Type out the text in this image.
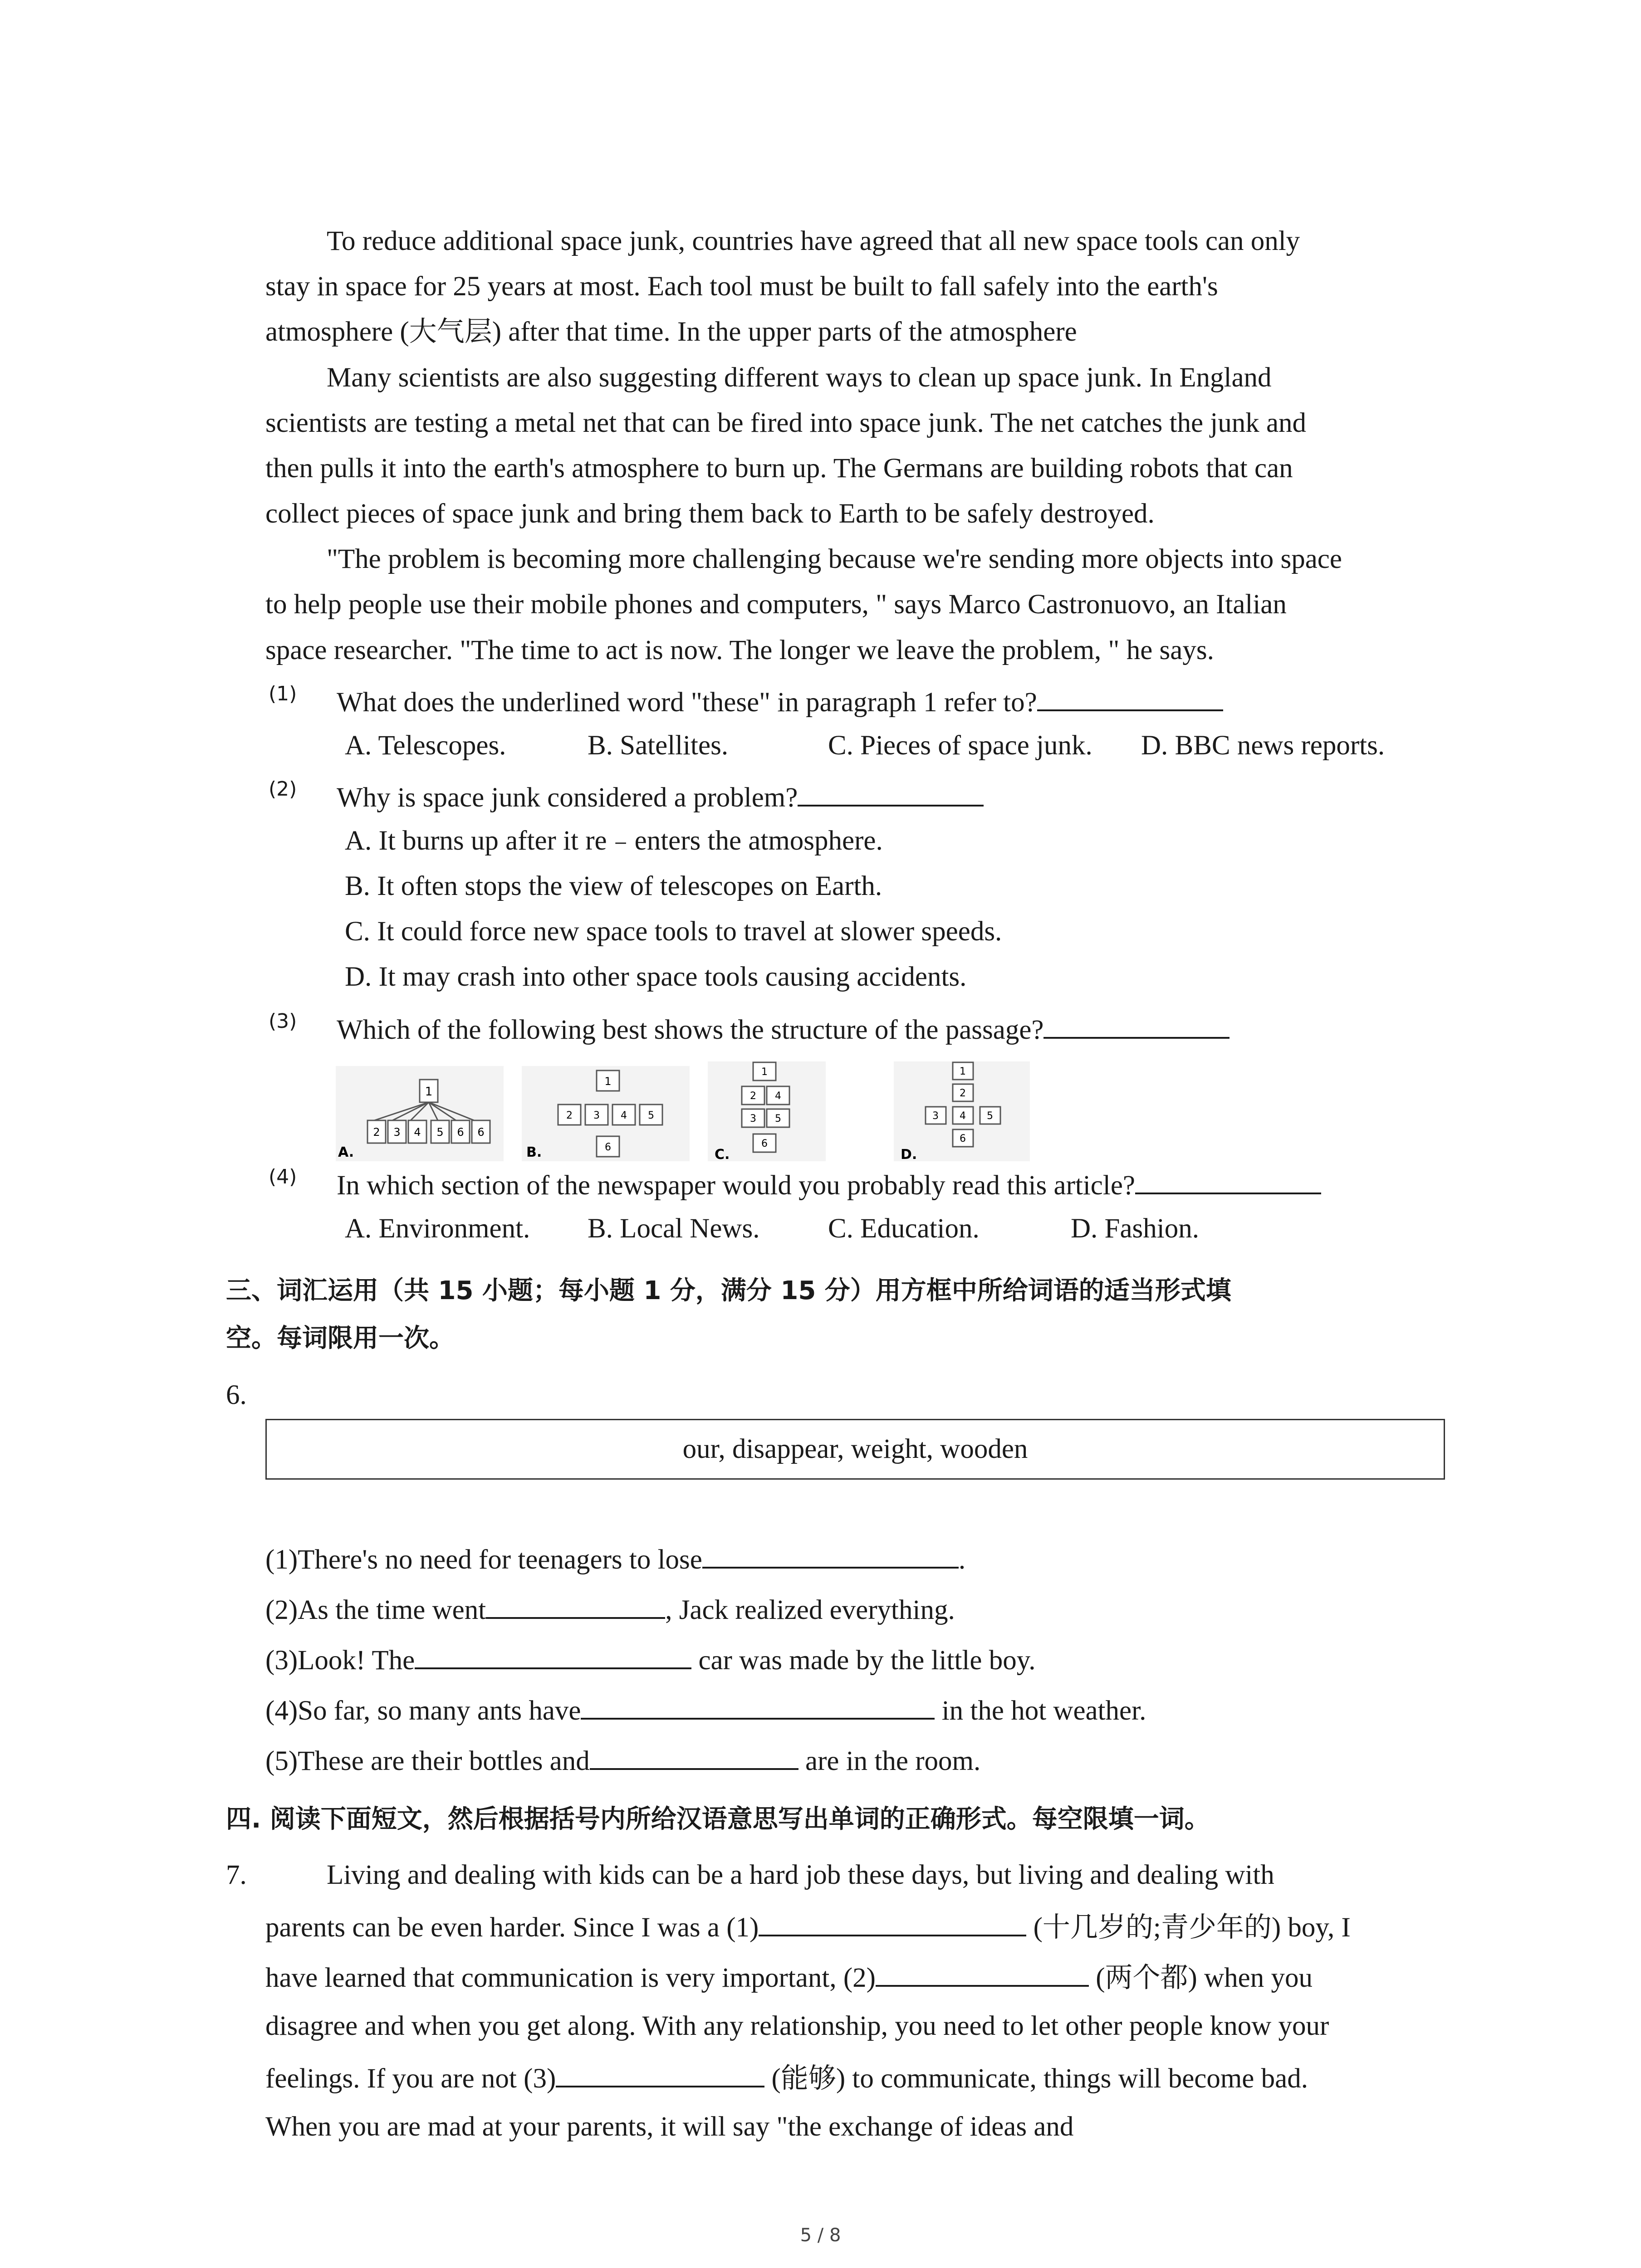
To reduce additional space junk, countries have agreed that all new space tools can only
stay in space for 25 years at most. Each tool must be built to fall safely into the earth's
atmosphere (大气层) after that time. In the upper parts of the atmosphere
Many scientists are also suggesting different ways to clean up space junk. In England
scientists are testing a metal net that can be fired into space junk. The net catches the junk and
then pulls it into the earth's atmosphere to burn up. The Germans are building robots that can
collect pieces of space junk and bring them back to Earth to be safely destroyed.
"The problem is becoming more challenging because we're sending more objects into space
to help people use their mobile phones and computers, " says Marco Castronuovo, an Italian
space researcher. "The time to act is now. The longer we leave the problem, " he says.
(1) What does the underlined word "these" in paragraph 1 refer to?
A. Telescopes.	B. Satellites.	C. Pieces of space junk. D. BBC news reports.
(2) Why is space junk considered a problem?
A. It burns up after it re﹣enters the atmosphere.
B. It often stops the view of telescopes on Earth.
C. It could force new space tools to travel at slower speeds.
D. It may crash into other space tools causing accidents.
(3) Which of the following best shows the structure of the passage?
1
2 3 4 5 6 6
A.
1
2 3 4 5
6
B.
1
2 4
3 5
6
C.
1
2
3 4 5
6
D.
(4) In which section of the newspaper would you probably read this article?
A. Environment. B. Local News. C. Education.	D. Fashion.
三、词汇运用（共 15 小题；每小题 1 分，满分 15 分）用方框中所给词语的适当形式填
空。每词限用一次。
6.
our, disappear, weight, wooden
(1)There's no need for teenagers to lose	.
(2)As the time went	, Jack realized everything.
(3)Look! The	car was made by the little boy.
(4)So far, so many ants have	in the hot weather.
(5)These are their bottles and	are in the room.
四. 阅读下面短文，然后根据括号内所给汉语意思写出单词的正确形式。每空限填一词。
7.	Living and dealing with kids can be a hard job these days, but living and dealing with
parents can be even harder. Since I was a (1)	(十几岁的;青少年的) boy, I
have learned that communication is very important, (2)	(两个都) when you
disagree and when you get along. With any relationship, you need to let other people know your
feelings. If you are not (3)	(能够) to communicate, things will become bad.
When you are mad at your parents, it will say "the exchange of ideas and
5 / 8
